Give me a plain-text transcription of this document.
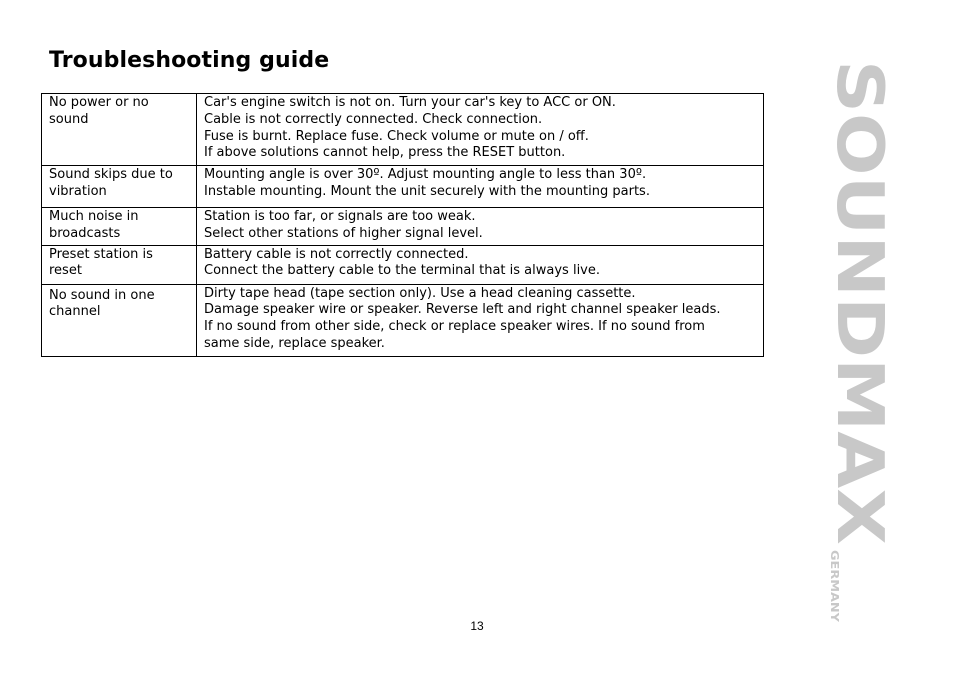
Troubleshooting guide
No power or no sound	Car's engine switch is not on. Turn your car's key to ACC or ON.
Cable is not correctly connected. Check connection.
Fuse is burnt. Replace fuse. Check volume or mute on / off.
If above solutions cannot help, press the RESET button.

Sound skips due to vibration	Mounting angle is over 30º. Adjust mounting angle to less than 30º.
Instable mounting. Mount the unit securely with the mounting parts.

Much noise in broadcasts	Station is too far, or signals are too weak.
Select other stations of higher signal level.

Preset station is reset	Battery cable is not correctly connected.
Connect the battery cable to the terminal that is always live.

No sound in one channel	Dirty tape head (tape section only). Use a head cleaning cassette.
Damage speaker wire or speaker. Reverse left and right channel speaker leads.
If no sound from other side, check or replace speaker wires. If no sound from
same side, replace speaker.	SOUNDMAX
GERMANY
13
